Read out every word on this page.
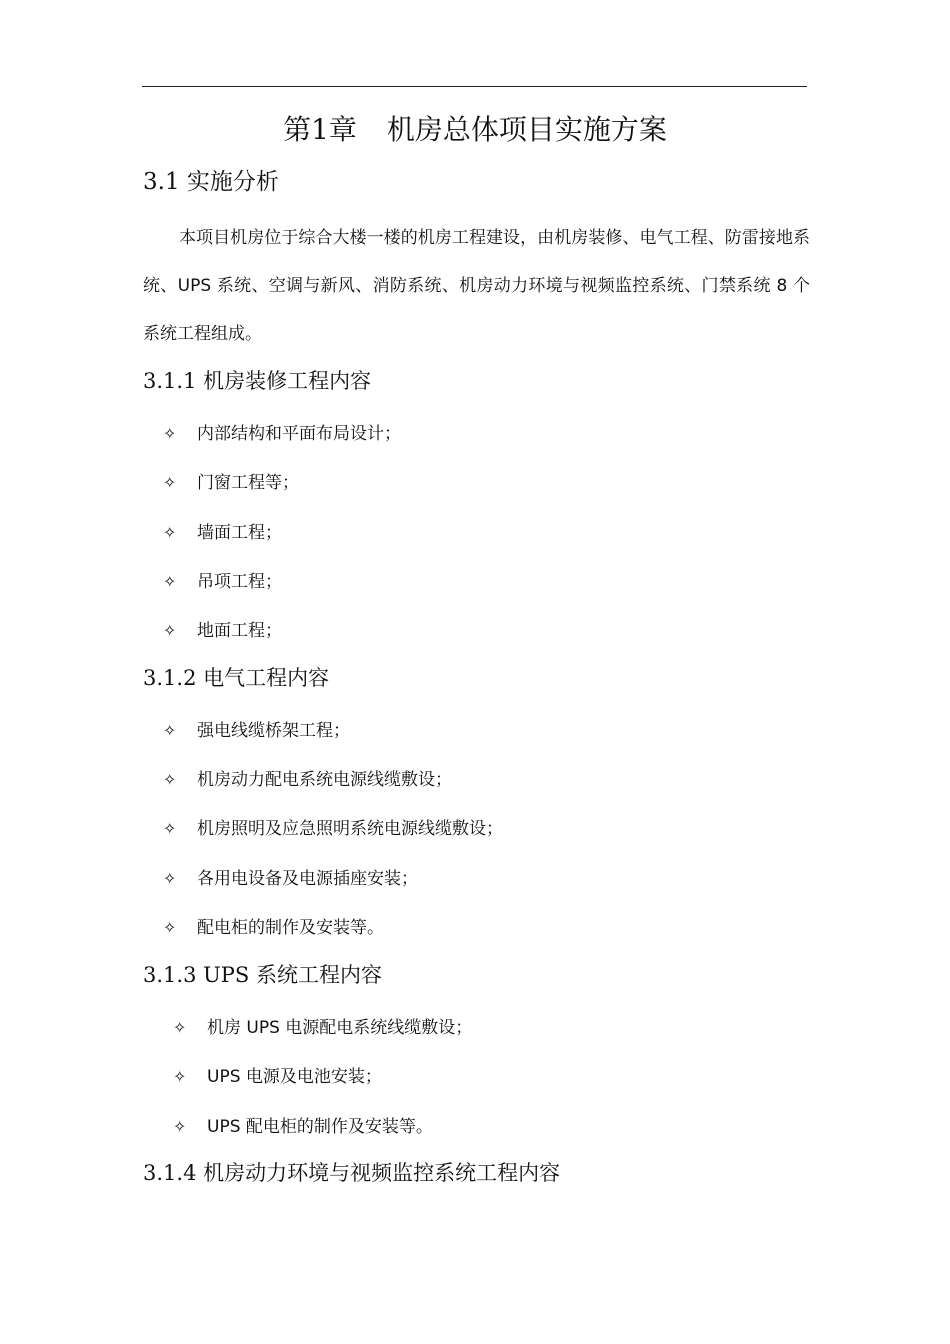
第1章 机房总体项目实施方案
3.1 实施分析
本项目机房位于综合大楼一楼的机房工程建设，由机房装修、电气工程、防雷接地系统、UPS 系统、空调与新风、消防系统、机房动力环境与视频监控系统、门禁系统 8 个系统工程组成。
3.1.1 机房装修工程内容
✧ 内部结构和平面布局设计；
✧ 门窗工程等；
✧ 墙面工程；
✧ 吊项工程；
✧ 地面工程；
3.1.2 电气工程内容
✧ 强电线缆桥架工程；
✧ 机房动力配电系统电源线缆敷设；
✧ 机房照明及应急照明系统电源线缆敷设；
✧ 各用电设备及电源插座安装；
✧ 配电柜的制作及安装等。
3.1.3 UPS 系统工程内容
✧ 机房 UPS 电源配电系统线缆敷设；
✧ UPS 电源及电池安装；
✧ UPS 配电柜的制作及安装等。
3.1.4 机房动力环境与视频监控系统工程内容
